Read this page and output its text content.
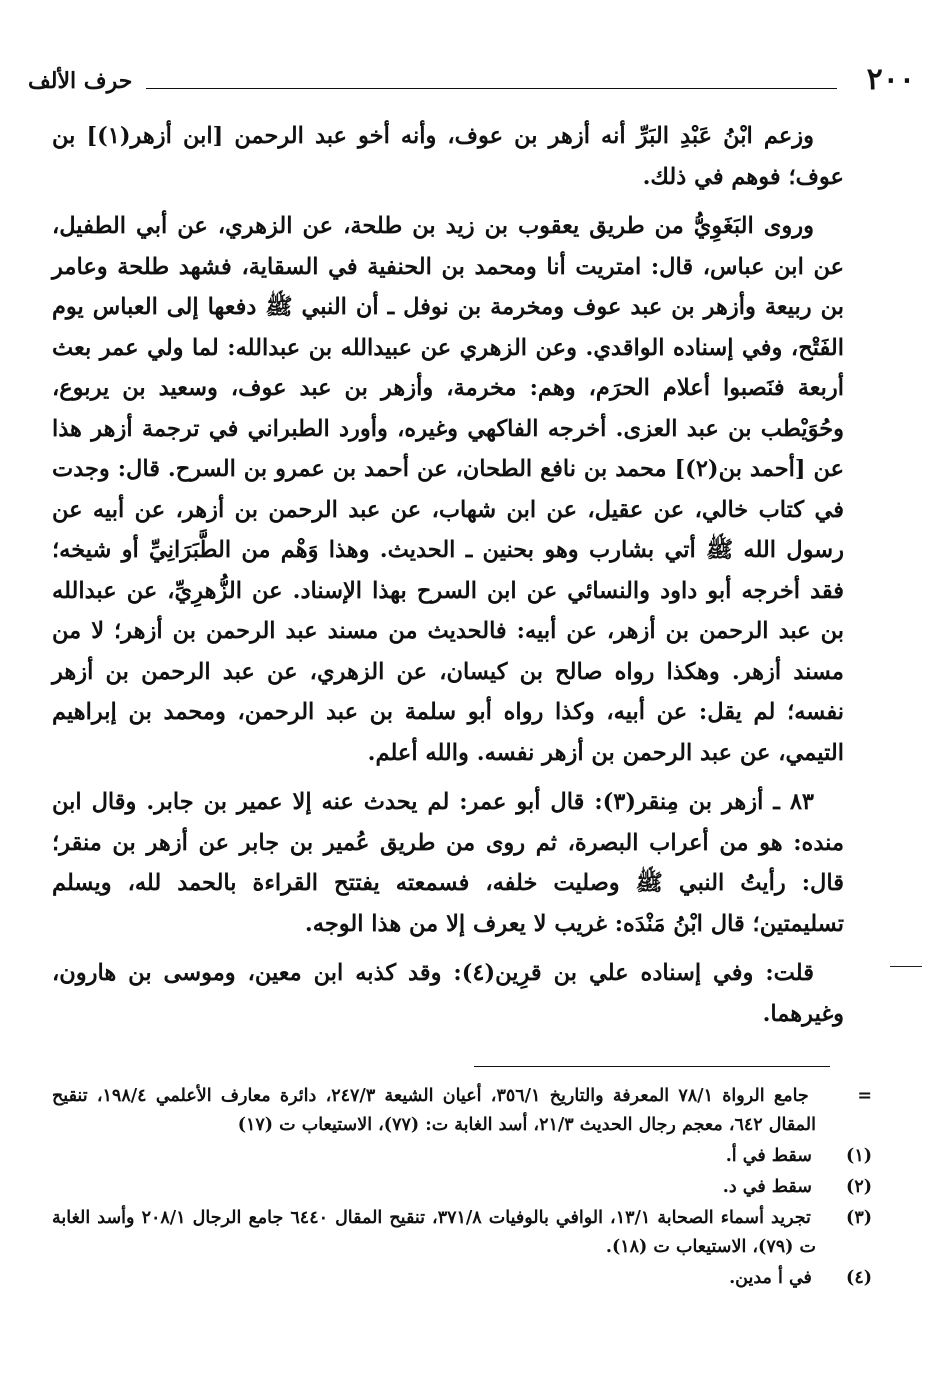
٢٠٠
حرف الألف

وزعم ابْنُ عَبْدِ البَرِّ أنه أزهر بن عوف، وأنه أخو عبد الرحمن [ابن أزهر(١)] بن عوف؛ فوهم في ذلك.

وروى البَغَوِيُّ من طريق يعقوب بن زيد بن طلحة، عن الزهري، عن أبي الطفيل، عن ابن عباس، قال: امتريت أنا ومحمد بن الحنفية في السقاية، فشهد طلحة وعامر بن ربيعة وأزهر بن عبد عوف ومخرمة بن نوفل ـ أن النبي ﷺ دفعها إلى العباس يوم الفَتْح، وفي إسناده الواقدي. وعن الزهري عن عبيدالله بن عبدالله: لما ولي عمر بعث أربعة فنَصبوا أعلام الحرَم، وهم: مخرمة، وأزهر بن عبد عوف، وسعيد بن يربوع، وحُوَيْطب بن عبد العزى. أخرجه الفاكهي وغيره، وأورد الطبراني في ترجمة أزهر هذا عن [أحمد بن(٢)] محمد بن نافع الطحان، عن أحمد بن عمرو بن السرح. قال: وجدت في كتاب خالي، عن عقيل، عن ابن شهاب، عن عبد الرحمن بن أزهر، عن أبيه عن رسول الله ﷺ أتي بشارب وهو بحنين ـ الحديث. وهذا وَهْم من الطَّبَرَانِيِّ أو شيخه؛ فقد أخرجه أبو داود والنسائي عن ابن السرح بهذا الإسناد. عن الزُّهرِيِّ، عن عبدالله بن عبد الرحمن بن أزهر، عن أبيه: فالحديث من مسند عبد الرحمن بن أزهر؛ لا من مسند أزهر. وهكذا رواه صالح بن كيسان، عن الزهري، عن عبد الرحمن بن أزهر نفسه؛ لم يقل: عن أبيه، وكذا رواه أبو سلمة بن عبد الرحمن، ومحمد بن إبراهيم التيمي، عن عبد الرحمن بن أزهر نفسه. والله أعلم.

٨٣ ـ أزهر بن مِنقر(٣): قال أبو عمر: لم يحدث عنه إلا عمير بن جابر. وقال ابن منده: هو من أعراب البصرة، ثم روى من طريق عُمير بن جابر عن أزهر بن منقر؛ قال: رأيتُ النبي ﷺ وصليت خلفه، فسمعته يفتتح القراءة بالحمد لله، ويسلم تسليمتين؛ قال ابْنُ مَنْدَه: غريب لا يعرف إلا من هذا الوجه.

قلت: وفي إسناده علي بن قرِين(٤): وقد كذبه ابن معين، وموسى بن هارون، وغيرهما.

= جامع الرواة ٧٨/١ المعرفة والتاريخ ٣٥٦/١، أعيان الشيعة ٢٤٧/٣، دائرة معارف الأعلمي ١٩٨/٤، تنقيح المقال ٦٤٢، معجم رجال الحديث ٢١/٣، أسد الغابة ت: (٧٧)، الاستيعاب ت (١٧)

(١) سقط في أ.

(٢) سقط في د.

(٣) تجريد أسماء الصحابة ١٣/١، الوافي بالوفيات ٣٧١/٨، تنقيح المقال ٦٤٤٠ جامع الرجال ٢٠٨/١ وأسد الغابة ت (٧٩)، الاستيعاب ت (١٨).

(٤) في أ مدين.
